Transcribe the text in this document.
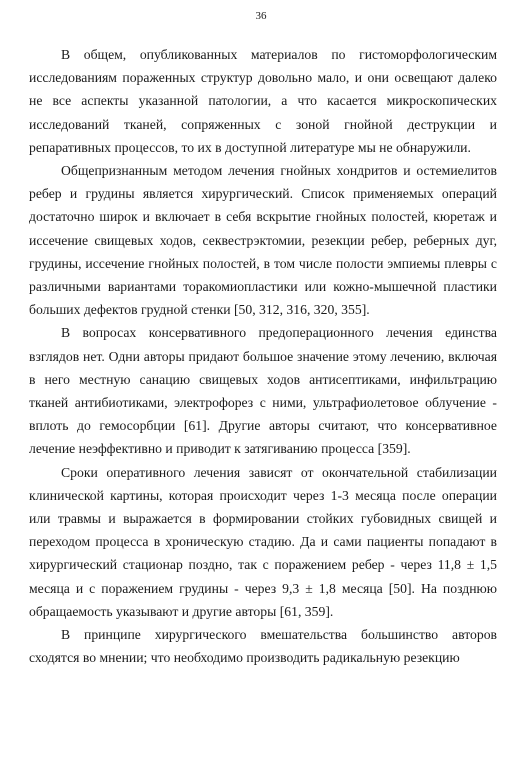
36

В общем, опубликованных материалов по гистоморфологическим исследованиям пораженных структур довольно мало, и они освещают далеко не все аспекты указанной патологии, а что касается микроскопических исследований тканей, сопряженных с зоной гнойной деструкции и репаративных процессов, то их в доступной литературе мы не обнаружили.

Общепризнанным методом лечения гнойных хондритов и остемиелитов ребер и грудины является хирургический. Список применяемых операций достаточно широк и включает в себя вскрытие гнойных полостей, кюретаж и иссечение свищевых ходов, секвестрэктомии, резекции ребер, реберных дуг, грудины, иссечение гнойных полостей, в том числе полости эмпиемы плевры с различными вариантами торакомиопластики или кожно-мышечной пластики больших дефектов грудной стенки [50, 312, 316, 320, 355].

В вопросах консервативного предоперационного лечения единства взглядов нет. Одни авторы придают большое значение этому лечению, включая в него местную санацию свищевых ходов антисептиками, инфильтрацию тканей антибиотиками, электрофорез с ними, ультрафиолетовое облучение - вплоть до гемосорбции [61]. Другие авторы считают, что консервативное лечение неэффективно и приводит к затягиванию процесса [359].

Сроки оперативного лечения зависят от окончательной стабилизации клинической картины, которая происходит через 1-3 месяца после операции или травмы и выражается в формировании стойких губовидных свищей и переходом процесса в хроническую стадию. Да и сами пациенты попадают в хирургический стационар поздно, так с поражением ребер - через 11,8 ± 1,5 месяца и с поражением грудины - через 9,3 ± 1,8 месяца [50]. На позднюю обращаемость указывают и другие авторы [61, 359].

В принципе хирургического вмешательства большинство авторов сходятся во мнении; что необходимо производить радикальную резекцию
